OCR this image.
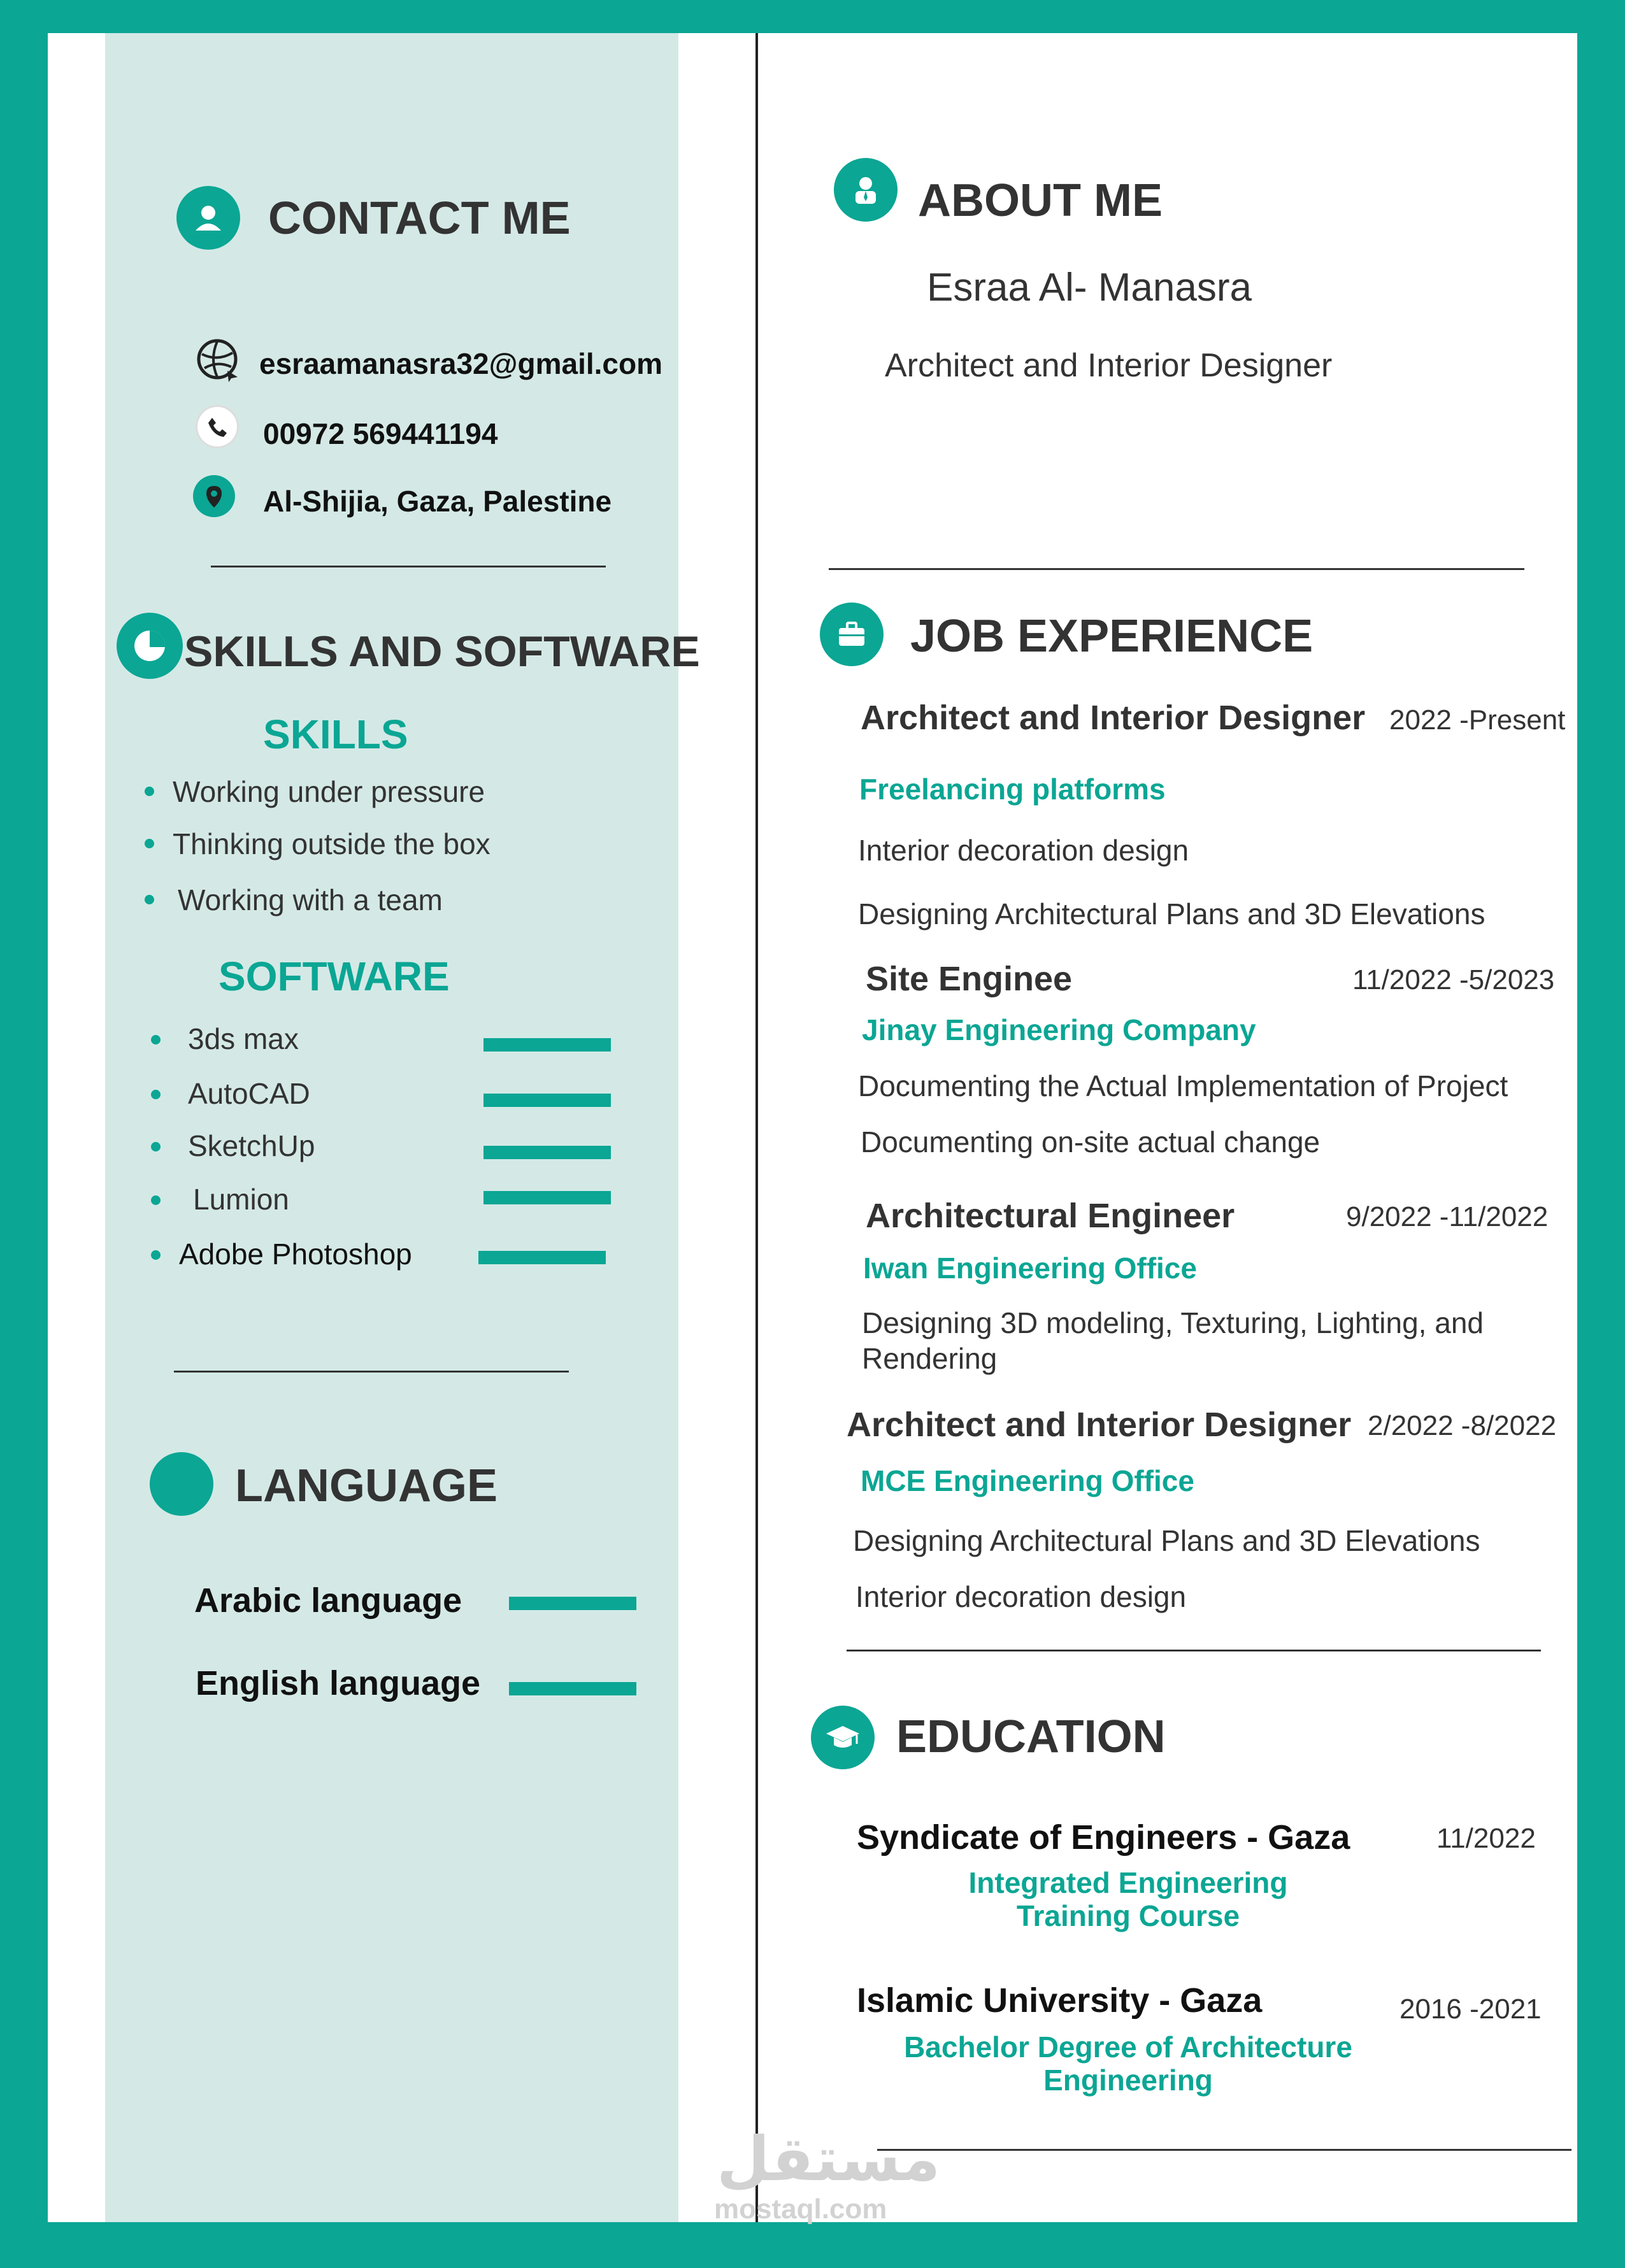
CONTACT ME
esraamanasra32@gmail.com
00972 569441194
Al-Shijia, Gaza, Palestine
SKILLS AND SOFTWARE
SKILLS
Working under pressure
Thinking outside the box
Working with a team
SOFTWARE
3ds max
AutoCAD
SketchUp
Lumion
Adobe Photoshop
LANGUAGE
Arabic language
English language
ABOUT ME
Esraa Al- Manasra
Architect and Interior Designer
JOB EXPERIENCE
Architect and Interior Designer 2022 -Present
Freelancing platforms
Interior decoration design
Designing Architectural Plans and 3D Elevations
Site Enginee	11/2022 -5/2023
Jinay Engineering Company
Documenting the Actual Implementation of Project
Documenting on-site actual change
Architectural Engineer	9/2022 -11/2022
Iwan Engineering Office
Designing 3D modeling, Texturing, Lighting, and
Rendering
Architect and Interior Designer 2/2022 -8/2022
MCE Engineering Office
Designing Architectural Plans and 3D Elevations
Interior decoration design
EDUCATION
Syndicate of Engineers - Gaza	11/2022
Integrated Engineering
Training Course
Islamic University - Gaza	2016 -2021
Bachelor Degree of Architecture
Engineering
مستقل
mostaql.com
